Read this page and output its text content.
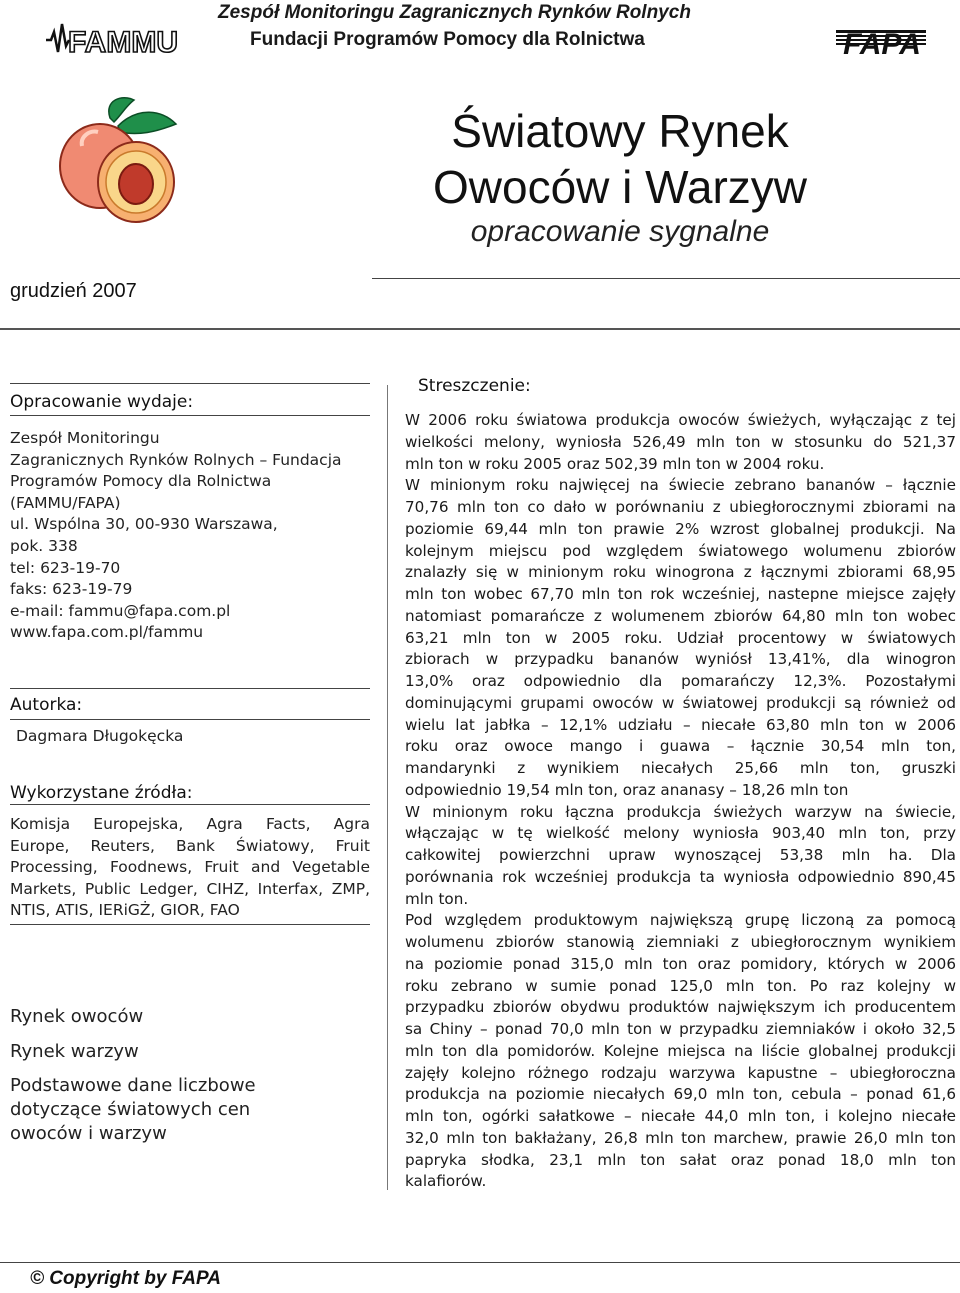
Zespół Monitoringu Zagranicznych Rynków Rolnych
Fundacji Programów Pomocy dla Rolnictwa
FAMMU	FAPA
Światowy Rynek
Owoców i Warzyw
opracowanie sygnalne
grudzień 2007
Opracowanie wydaje:
Zespół Monitoringu
Zagranicznych Rynków Rolnych – Fundacja
Programów Pomocy dla Rolnictwa
(FAMMU/FAPA)
ul. Wspólna 30, 00-930 Warszawa,
pok. 338
tel: 623-19-70
faks: 623-19-79
e-mail: fammu@fapa.com.pl
www.fapa.com.pl/fammu
Autorka:
Dagmara Długokęcka
Wykorzystane źródła:
Komisja Europejska, Agra Facts, Agra
Europe, Reuters, Bank Światowy, Fruit
Processing, Foodnews, Fruit and Vegetable
Markets, Public Ledger, CIHZ, Interfax, ZMP,
NTIS, ATIS, IERiGŻ, GIOR, FAO
Rynek owoców
Rynek warzyw
Podstawowe dane liczbowe
dotyczące światowych cen
owoców i warzyw
Streszczenie:
W 2006 roku światowa produkcja owoców świeżych, wyłączając z tej
wielkości melony, wyniosła 526,49 mln ton w stosunku do 521,37
mln ton w roku 2005 oraz 502,39 mln ton w 2004 roku.
W minionym roku najwięcej na świecie zebrano bananów – łącznie
70,76 mln ton co dało w porównaniu z ubiegłorocznymi zbiorami na
poziomie 69,44 mln ton prawie 2% wzrost globalnej produkcji. Na
kolejnym miejscu pod względem światowego wolumenu zbiorów
znalazły się w minionym roku winogrona z łącznymi zbiorami 68,95
mln ton wobec 67,70 mln ton rok wcześniej, nastepne miejsce zajęły
natomiast pomarańcze z wolumenem zbiorów 64,80 mln ton wobec
63,21 mln ton w 2005 roku. Udział procentowy w światowych
zbiorach w przypadku bananów wyniósł 13,41%, dla winogron
13,0% oraz odpowiednio dla pomarańczy 12,3%. Pozostałymi
dominującymi grupami owoców w światowej produkcji są również od
wielu lat jabłka – 12,1% udziału – niecałe 63,80 mln ton w 2006
roku oraz owoce mango i guawa – łącznie 30,54 mln ton,
mandarynki z wynikiem niecałych 25,66 mln ton, gruszki
odpowiednio 19,54 mln ton, oraz ananasy – 18,26 mln ton
W minionym roku łączna produkcja świeżych warzyw na świecie,
włączając w tę wielkość melony wyniosła 903,40 mln ton, przy
całkowitej powierzchni upraw wynoszącej 53,38 mln ha. Dla
porównania rok wcześniej produkcja ta wyniosła odpowiednio 890,45
mln ton.
Pod względem produktowym największą grupę liczoną za pomocą
wolumenu zbiorów stanowią ziemniaki z ubiegłorocznym wynikiem
na poziomie ponad 315,0 mln ton oraz pomidory, których w 2006
roku zebrano w sumie ponad 125,0 mln ton. Po raz kolejny w
przypadku zbiorów obydwu produktów największym ich producentem
sa Chiny – ponad 70,0 mln ton w przypadku ziemniaków i około 32,5
mln ton dla pomidorów. Kolejne miejsca na liście globalnej produkcji
zajęły kolejno różnego rodzaju warzywa kapustne – ubiegłoroczna
produkcja na poziomie niecałych 69,0 mln ton, cebula – ponad 61,6
mln ton, ogórki sałatkowe – niecałe 44,0 mln ton, i kolejno niecałe
32,0 mln ton bakłażany, 26,8 mln ton marchew, prawie 26,0 mln ton
papryka słodka, 23,1 mln ton sałat oraz ponad 18,0 mln ton
kalafiorów.
© Copyright by FAPA
